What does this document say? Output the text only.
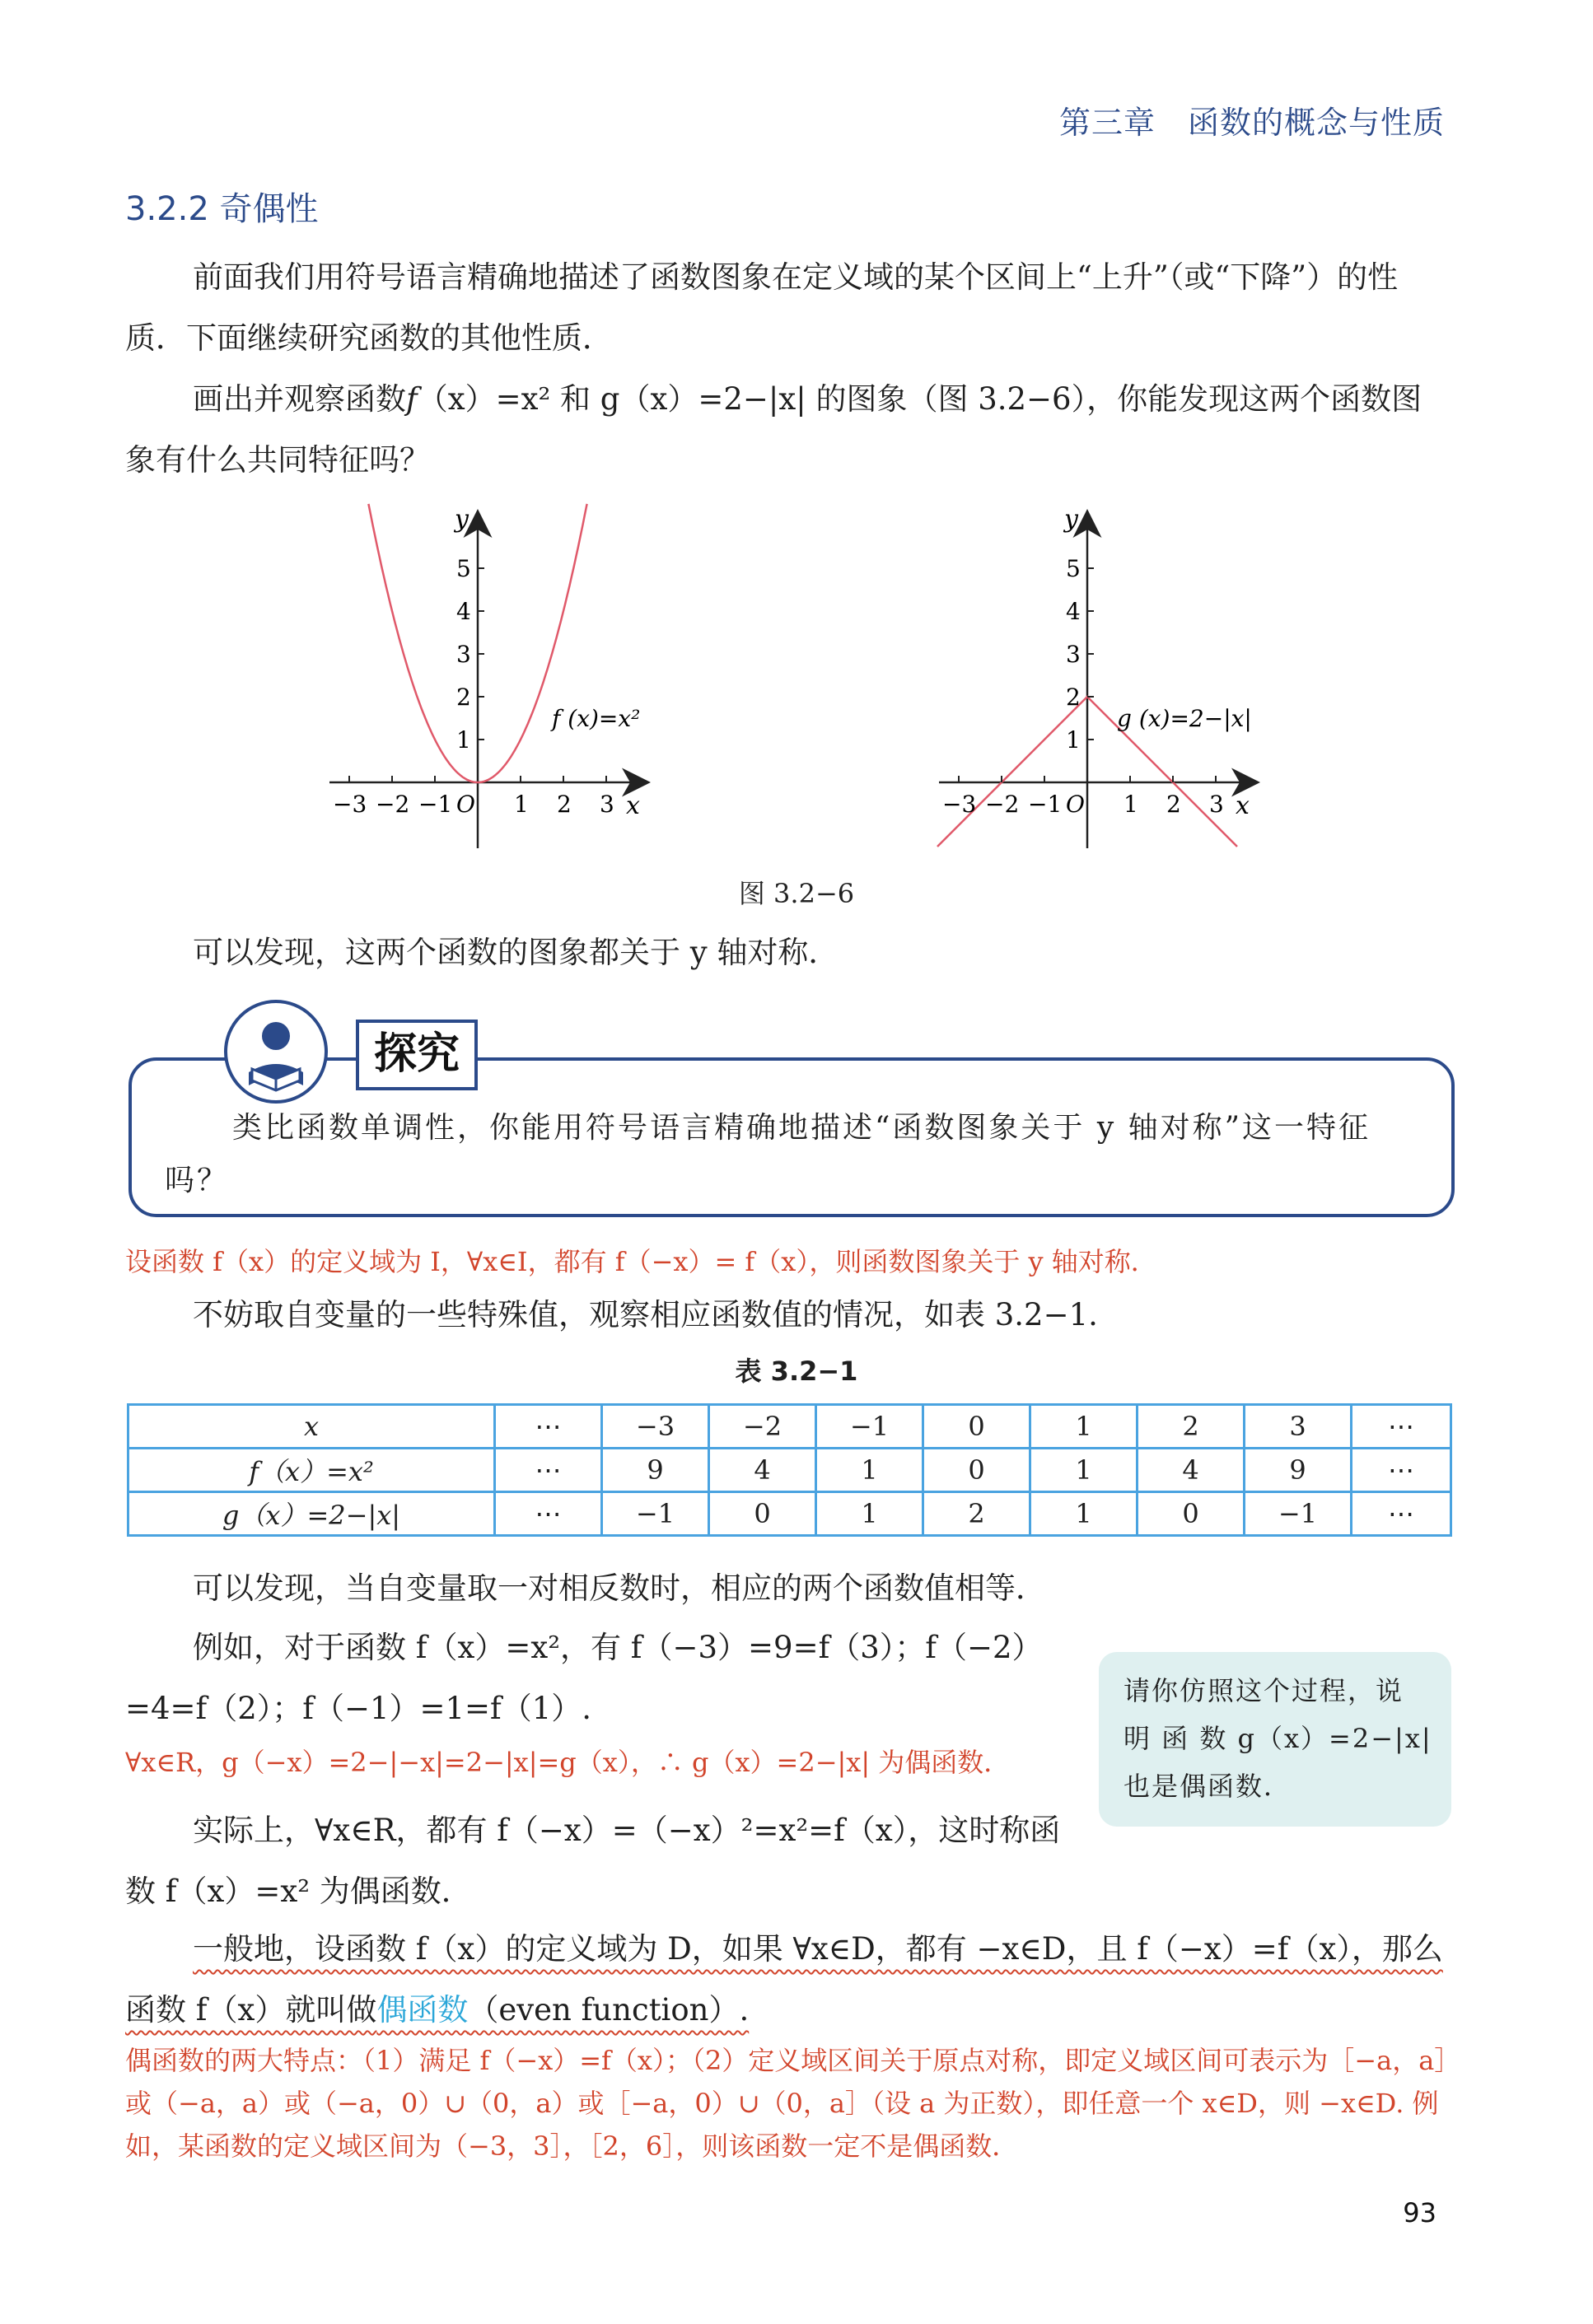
第三章　函数的概念与性质
3.2.2 奇偶性
前面我们用符号语言精确地描述了函数图象在定义域的某个区间上“上升”（或“下降”）的性质．下面继续研究函数的其他性质．
画出并观察函数f（x）=x² 和 g（x）=2−|x| 的图象（图 3.2−6），你能发现这两个函数图象有什么共同特征吗？
−3 −2 −1 O 1 2 3
1
2
3
4
5
x
y
f (x)=x²
−3 −2 −1 O 1 2 3
1
2
3
4
5
x
y
g (x)=2−|x|
图 3.2−6
可以发现，这两个函数的图象都关于 y 轴对称．
探究
类比函数单调性，你能用符号语言精确地描述“函数图象关于 y 轴对称”这一特征吗？
设函数 f（x）的定义域为 I，∀x∈I，都有 f（−x）= f（x），则函数图象关于 y 轴对称．
不妨取自变量的一些特殊值，观察相应函数值的情况，如表 3.2−1.
表 3.2−1
x	⋯	−3	−2	−1	0	1	2	3	⋯
f（x）=x²	⋯	9	4	1	0	1	4	9	⋯
g（x）=2−|x|	⋯	−1	0	1	2	1	0	−1	⋯
可以发现，当自变量取一对相反数时，相应的两个函数值相等．
例如，对于函数 f（x）=x²，有 f（−3）=9=f（3）；f（−2）=4=f（2）；f（−1）=1=f（1）.
∀x∈R，g（−x）=2−|−x|=2−|x|=g（x），∴ g（x）=2−|x| 为偶函数．
请你仿照这个过程，说 明 函 数 g（x）=2−|x| 也是偶函数．
实际上，∀x∈R，都有 f（−x）=（−x）²=x²=f（x），这时称函数 f（x）=x² 为偶函数．
一般地，设函数 f（x）的定义域为 D，如果 ∀x∈D，都有 −x∈D，且 f（−x）=f（x），那么函数 f（x）就叫做偶函数（even function）.
偶函数的两大特点：（1）满足 f（−x）=f（x）；（2）定义域区间关于原点对称，即定义域区间可表示为［−a，a］或（−a，a）或（−a，0）∪（0，a）或［−a，0）∪（0，a］（设 a 为正数），即任意一个 x∈D，则 −x∈D. 例如，某函数的定义域区间为（−3，3］，［2，6］，则该函数一定不是偶函数．
93
